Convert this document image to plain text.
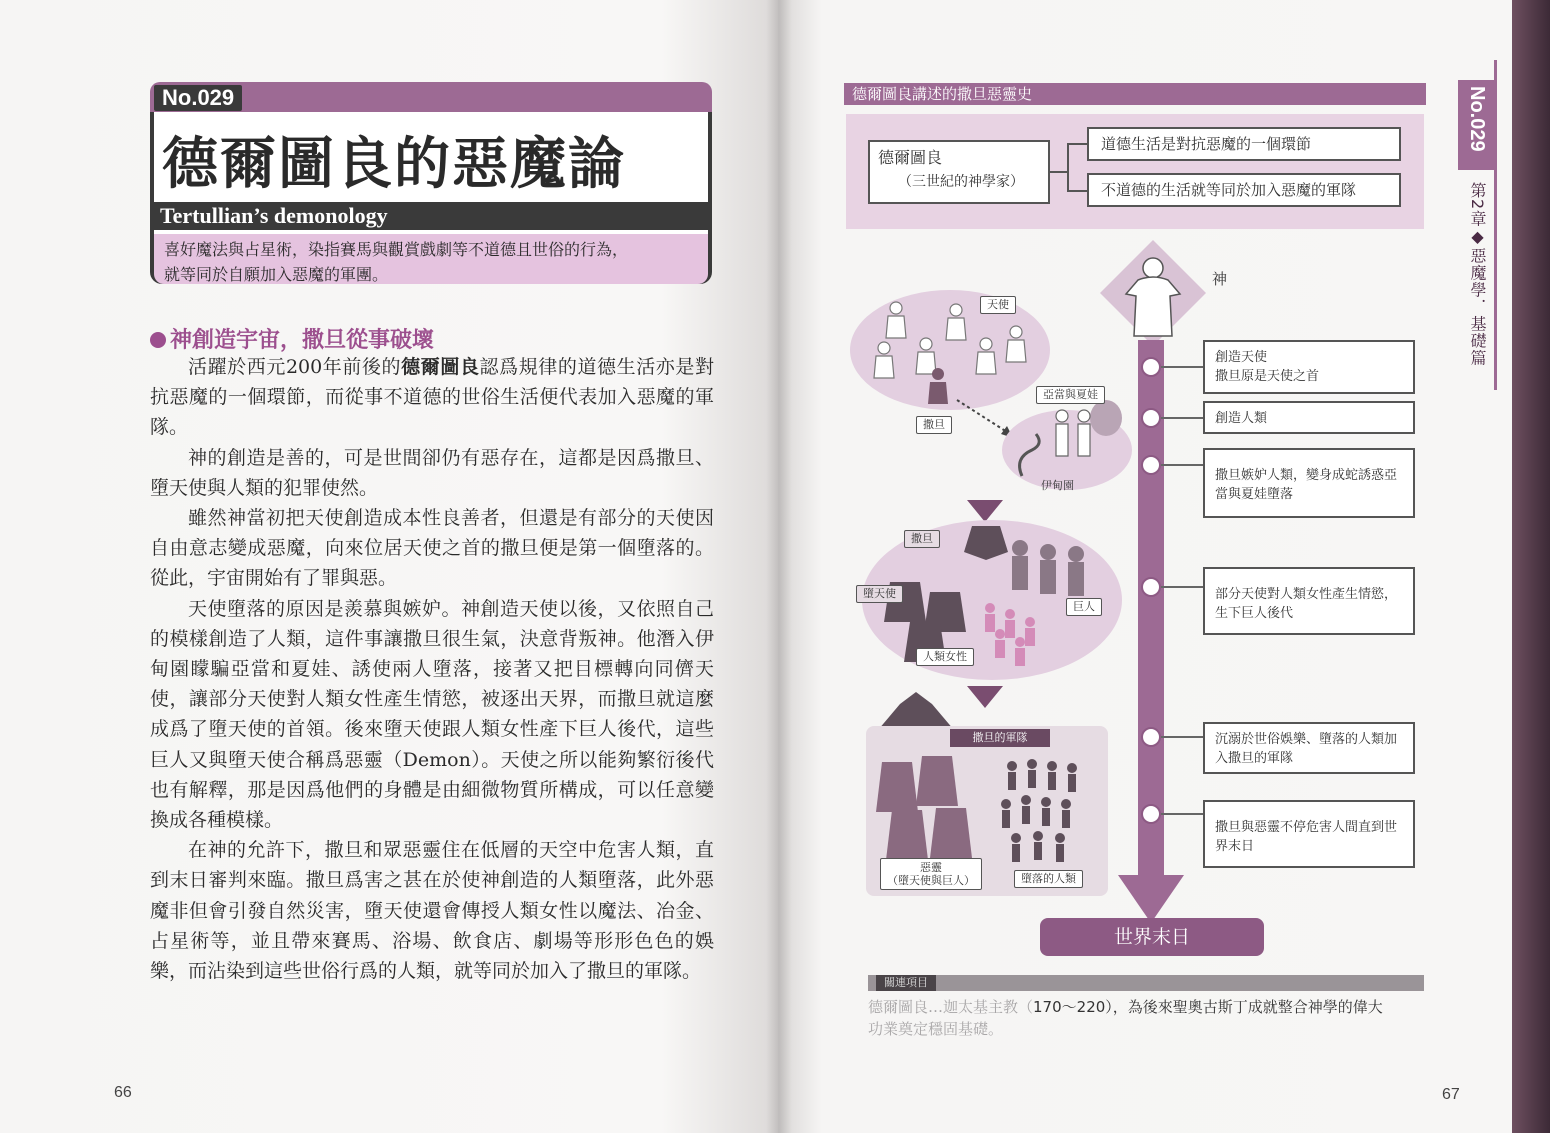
No.029
德爾圖良的惡魔論
Tertullian’s demonology
喜好魔法與占星術，染指賽馬與觀賞戲劇等不道德且世俗的行為，
就等同於自願加入惡魔的軍團。
神創造宇宙，撒旦從事破壞

活躍於西元200年前後的德爾圖良認爲規律的道德生活亦是對抗惡魔的一個環節，而從事不道德的世俗生活便代表加入惡魔的軍隊。

神的創造是善的，可是世間卻仍有惡存在，這都是因爲撒旦、墮天使與人類的犯罪使然。

雖然神當初把天使創造成本性良善者，但還是有部分的天使因自由意志變成惡魔，向來位居天使之首的撒旦便是第一個墮落的。從此，宇宙開始有了罪與惡。

天使墮落的原因是羨慕與嫉妒。神創造天使以後，又依照自己的模樣創造了人類，這件事讓撒旦很生氣，決意背叛神。他潛入伊甸園矇騙亞當和夏娃、誘使兩人墮落，接著又把目標轉向同儕天使，讓部分天使對人類女性產生情慾，被逐出天界，而撒旦就這麼成爲了墮天使的首領。後來墮天使跟人類女性產下巨人後代，這些巨人又與墮天使合稱爲惡靈（Demon）。天使之所以能夠繁衍後代也有解釋，那是因爲他們的身體是由細微物質所構成，可以任意變換成各種模樣。

在神的允許下，撒旦和眾惡靈住在低層的天空中危害人類，直到末日審判來臨。撒旦爲害之甚在於使神創造的人類墮落，此外惡魔非但會引發自然災害，墮天使還會傳授人類女性以魔法、冶金、占星術等，並且帶來賽馬、浴場、飲食店、劇場等形形色色的娛樂，而沾染到這些世俗行爲的人類，就等同於加入了撒旦的軍隊。

66
德爾圖良講述的撒旦惡靈史
德爾圖良
（三世紀的神學家）
道德生活是對抗惡魔的一個環節
不道德的生活就等同於加入惡魔的軍隊
神
天使
撒旦
亞當與夏娃
伊甸園
撒旦
墮天使
巨人
人類女性
撒旦的軍隊
惡靈
（墮天使與巨人）	墮落的人類
創造天使
撒旦原是天使之首
創造人類
撒旦嫉妒人類，變身成蛇誘惑亞當與夏娃墮落
部分天使對人類女性產生情慾，生下巨人後代
沉溺於世俗娛樂、墮落的人類加入撒旦的軍隊
撒旦與惡靈不停危害人間直到世界末日
世界末日
關連項目
德爾圖良…迦太基主教（170～220），為後來聖奧古斯丁成就整合神學的偉大
功業奠定穩固基礎。
No.029
第2章◆惡魔學．基礎篇
67
